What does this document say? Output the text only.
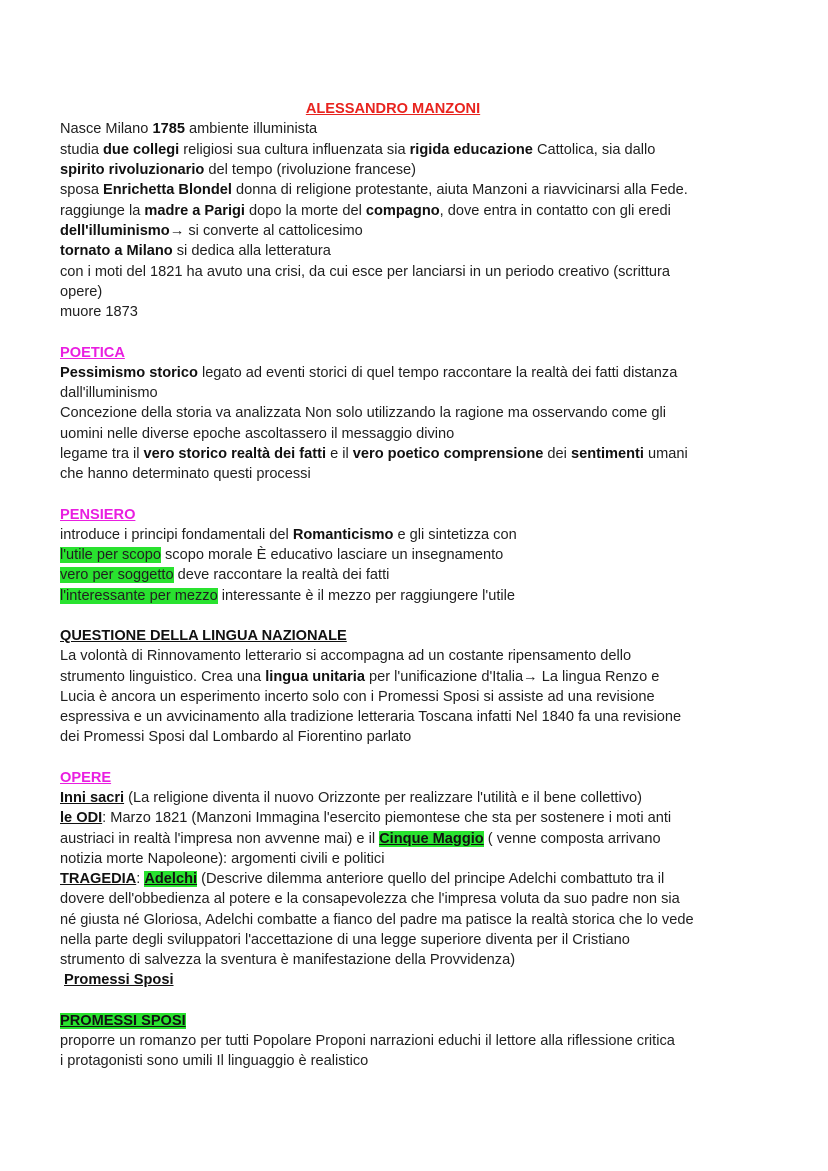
ALESSANDRO MANZONI
Nasce Milano 1785 ambiente illuminista
studia due collegi religiosi sua cultura influenzata sia rigida educazione Cattolica, sia dallo
spirito rivoluzionario del tempo (rivoluzione francese)
sposa Enrichetta Blondel donna di religione protestante, aiuta Manzoni a riavvicinarsi alla Fede.
raggiunge la madre a Parigi dopo la morte del compagno, dove entra in contatto con gli eredi
dell'illuminismo→ si converte al cattolicesimo
tornato a Milano si dedica alla letteratura
con i moti del 1821 ha avuto una crisi, da cui esce per lanciarsi in un periodo creativo (scrittura
opere)
muore 1873
POETICA
Pessimismo storico legato ad eventi storici di quel tempo raccontare la realtà dei fatti distanza
dall'illuminismo
Concezione della storia va analizzata Non solo utilizzando la ragione ma osservando come gli
uomini nelle diverse epoche ascoltassero il messaggio divino
legame tra il vero storico realtà dei fatti e il vero poetico comprensione dei sentimenti umani
che hanno determinato questi processi
PENSIERO
introduce i principi fondamentali del Romanticismo e gli sintetizza con
l'utile per scopo scopo morale È educativo lasciare un insegnamento
vero per soggetto deve raccontare la realtà dei fatti
l'interessante per mezzo interessante è il mezzo per raggiungere l'utile
QUESTIONE DELLA LINGUA NAZIONALE
La volontà di Rinnovamento letterario si accompagna ad un costante ripensamento dello
strumento linguistico. Crea una lingua unitaria per l'unificazione d'Italia→ La lingua Renzo e
Lucia è ancora un esperimento incerto solo con i Promessi Sposi si assiste ad una revisione
espressiva e un avvicinamento alla tradizione letteraria Toscana infatti Nel 1840 fa una revisione
dei Promessi Sposi dal Lombardo al Fiorentino parlato
OPERE
Inni sacri (La religione diventa il nuovo Orizzonte per realizzare l'utilità e il bene collettivo)
le ODI: Marzo 1821 (Manzoni Immagina l'esercito piemontese che sta per sostenere i moti anti
austriaci in realtà l'impresa non avvenne mai) e il Cinque Maggio ( venne composta arrivano
notizia morte Napoleone): argomenti civili e politici
TRAGEDIA: Adelchi (Descrive dilemma anteriore quello del principe Adelchi combattuto tra il
dovere dell'obbedienza al potere e la consapevolezza che l'impresa voluta da suo padre non sia
né giusta né Gloriosa, Adelchi combatte a fianco del padre ma patisce la realtà storica che lo vede
nella parte degli sviluppatori l'accettazione di una legge superiore diventa per il Cristiano
strumento di salvezza la sventura è manifestazione della Provvidenza)
Promessi Sposi
PROMESSI SPOSI
proporre un romanzo per tutti Popolare Proponi narrazioni educhi il lettore alla riflessione critica
i protagonisti sono umili Il linguaggio è realistico
